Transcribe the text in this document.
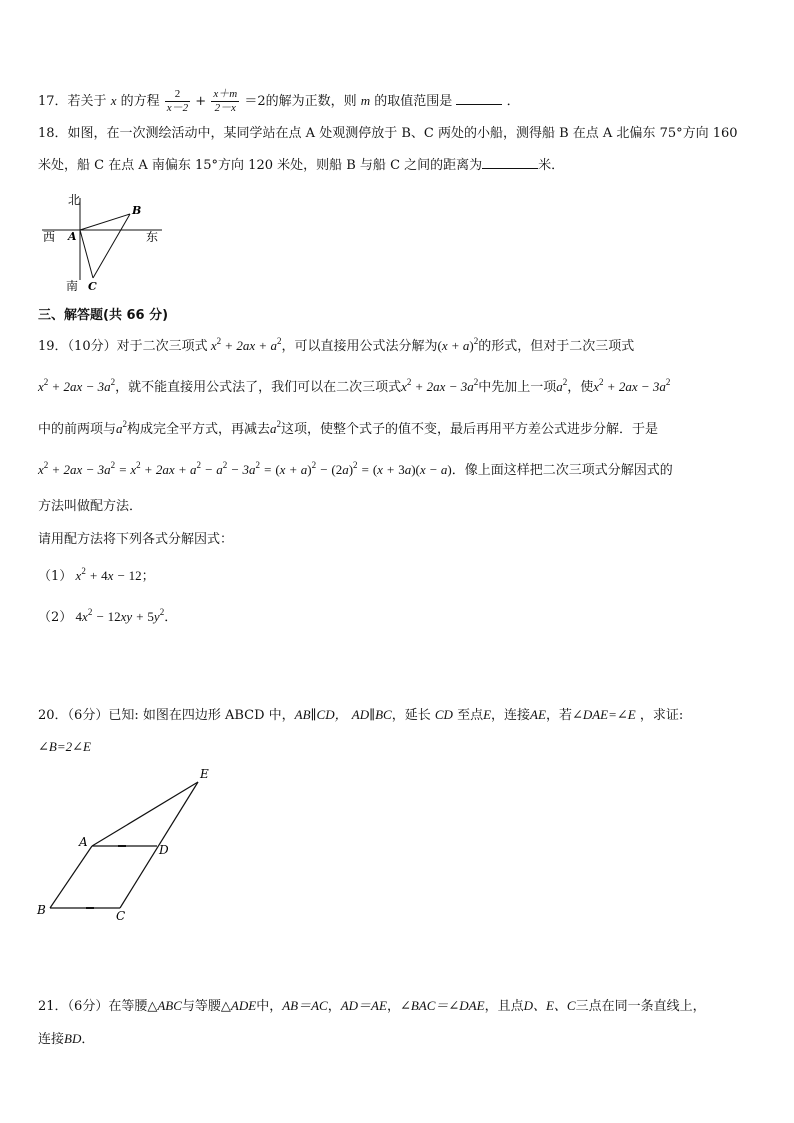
17．若关于 x 的方程 $\frac{2}{x-2} + \frac{x+m}{2-x} =2$的解为正数，则 m 的取值范围是	．
18．如图，在一次测绘活动中，某同学站在点 A 处观测停放于 B、C 两处的小船，测得船 B 在点 A 北偏东 75°方向 160
米处，船 C 在点 A 南偏东 15°方向 120 米处，则船 B 与船 C 之间的距离为	米．
北
西	东
南
A
B
C
三、解答题(共 66 分)
19．（10分）对于二次三项式 $x^2 + 2ax + a^2$，可以直接用公式法分解为$(x + a)^2$的形式，但对于二次三项式
$x^2 + 2ax - 3a^2$，就不能直接用公式法了，我们可以在二次三项式$x^2 + 2ax - 3a^2$中先加上一项$a^2$，使$x^2 + 2ax - 3a^2$
中的前两项与$a^2$构成完全平方式，再减去$a^2$这项，使整个式子的值不变，最后再用平方差公式进步分解．于是
$x^2 + 2ax - 3a^2 = x^2 + 2ax + a^2 - a^2 - 3a^2 = (x + a)^2 - (2a)^2 = (x + 3a)(x - a)$．像上面这样把二次三项式分解因式的
方法叫做配方法．
请用配方法将下列各式分解因式：
（1） $x^2 + 4x - 12$；
（2） $4x^2 - 12xy + 5y^2$．
20．（6分）已知: 如图在四边形 ABCD 中，AB∥CD， AD∥BC，延长 CD 至点E，连接AE，若∠DAE=∠E ，求证:
∠B=2∠E
E
A
D
B	C
21．（6分）在等腰△ABC与等腰△ADE中，AB＝AC，AD＝AE，∠BAC＝∠DAE，且点D、E、C三点在同一条直线上，
连接BD．
